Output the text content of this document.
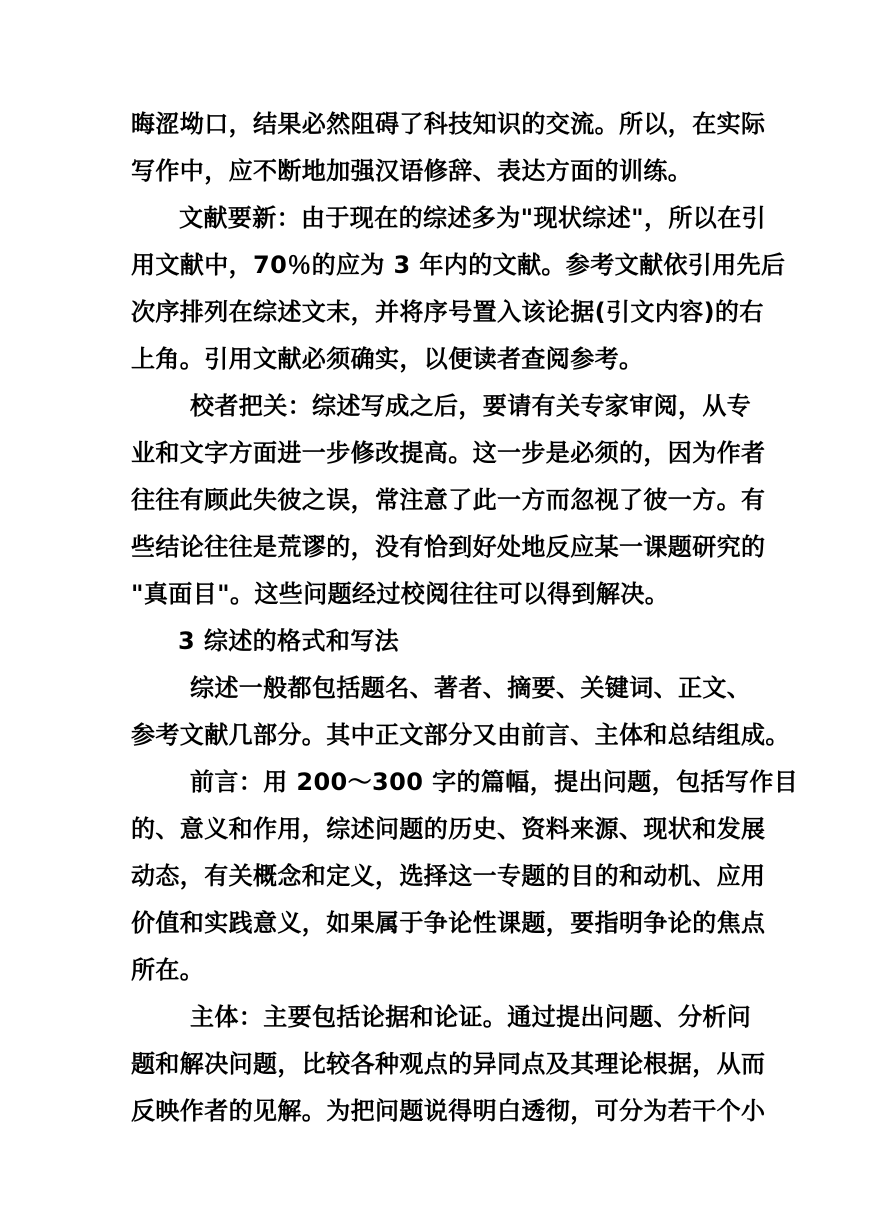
晦涩坳口，结果必然阻碍了科技知识的交流。所以，在实际
写作中，应不断地加强汉语修辞、表达方面的训练。
文献要新：由于现在的综述多为"现状综述"，所以在引
用文献中，70％的应为 3 年内的文献。参考文献依引用先后
次序排列在综述文末，并将序号置入该论据(引文内容)的右
上角。引用文献必须确实，以便读者查阅参考。
校者把关：综述写成之后，要请有关专家审阅，从专
业和文字方面进一步修改提高。这一步是必须的，因为作者
往往有顾此失彼之误，常注意了此一方而忽视了彼一方。有
些结论往往是荒谬的，没有恰到好处地反应某一课题研究的
"真面目"。这些问题经过校阅往往可以得到解决。
3 综述的格式和写法
综述一般都包括题名、著者、摘要、关键词、正文、
参考文献几部分。其中正文部分又由前言、主体和总结组成。
前言：用 200～300 字的篇幅，提出问题，包括写作目
的、意义和作用，综述问题的历史、资料来源、现状和发展
动态，有关概念和定义，选择这一专题的目的和动机、应用
价值和实践意义，如果属于争论性课题，要指明争论的焦点
所在。
主体：主要包括论据和论证。通过提出问题、分析问
题和解决问题，比较各种观点的异同点及其理论根据，从而
反映作者的见解。为把问题说得明白透彻，可分为若干个小
